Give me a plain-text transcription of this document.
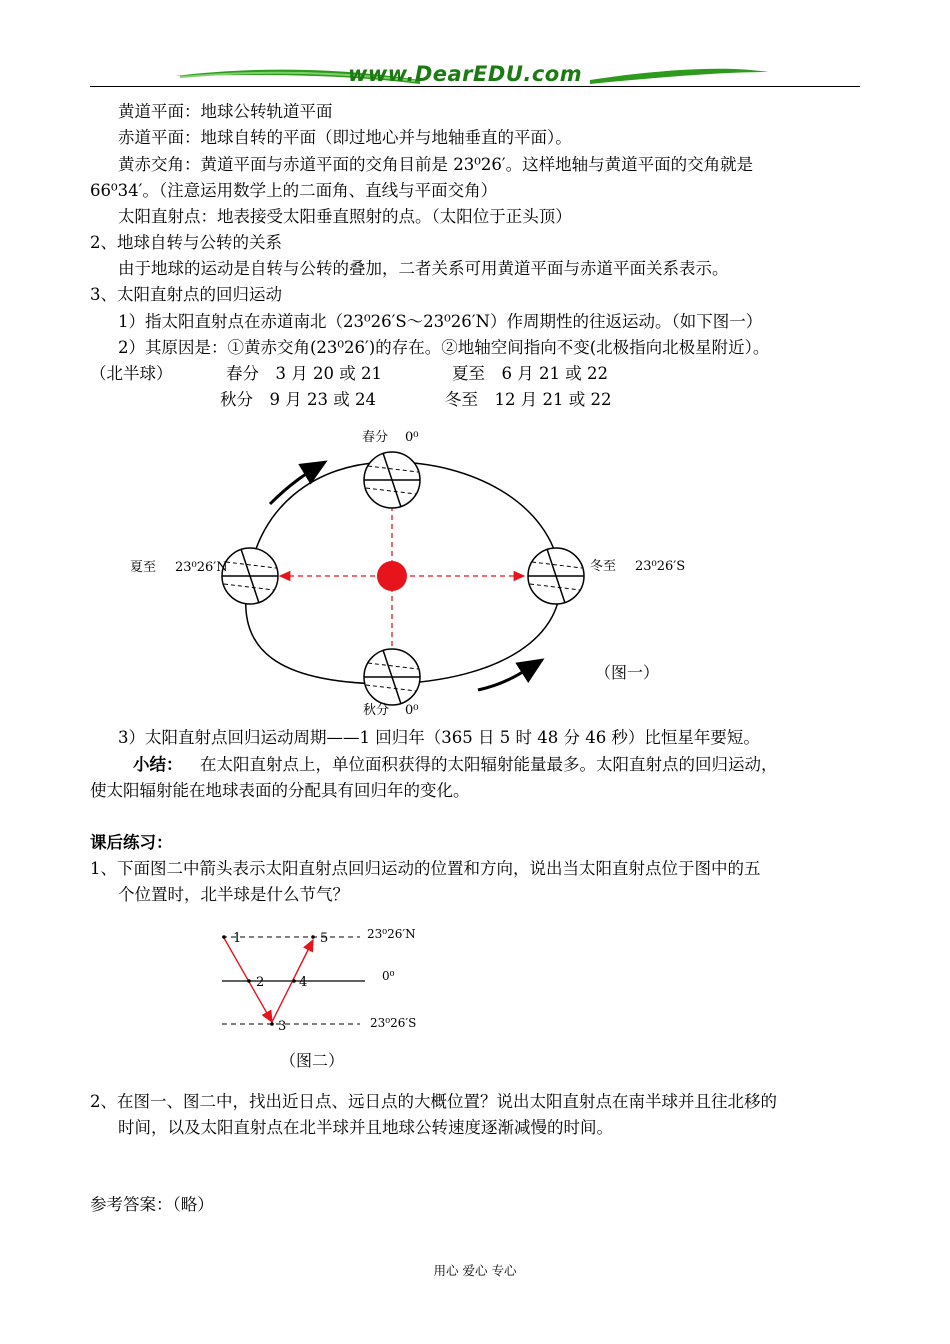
www.DearEDU.com
黄道平面：地球公转轨道平面
赤道平面：地球自转的平面（即过地心并与地轴垂直的平面）。
黄赤交角：黄道平面与赤道平面的交角目前是 23⁰26′。这样地轴与黄道平面的交角就是
66⁰34′。（注意运用数学上的二面角、直线与平面交角）
太阳直射点：地表接受太阳垂直照射的点。（太阳位于正头顶）
2、地球自转与公转的关系
由于地球的运动是自转与公转的叠加，二者关系可用黄道平面与赤道平面关系表示。
3、太阳直射点的回归运动
1）指太阳直射点在赤道南北（23⁰26′S～23⁰26′N）作周期性的往返运动。（如下图一）
2）其原因是：①黄赤交角(23⁰26′)的存在。②地轴空间指向不变(北极指向北极星附近）。
（北半球）	春分　3 月 20 或 21	夏至　6 月 21 或 22
秋分　9 月 23 或 24	冬至　12 月 21 或 22
春分 0⁰
秋分 0⁰
夏至 23⁰26′N	冬至 23⁰26′S
（图一）
3）太阳直射点回归运动周期——1 回归年（365 日 5 时 48 分 46 秒）比恒星年要短。
小结： 在太阳直射点上，单位面积获得的太阳辐射能量最多。太阳直射点的回归运动，
使太阳辐射能在地球表面的分配具有回归年的变化。
课后练习：
1、下面图二中箭头表示太阳直射点回归运动的位置和方向，说出当太阳直射点位于图中的五
个位置时，北半球是什么节气？
1
2
3
4
5	23⁰26′N
0⁰
23⁰26′S
（图二）
2、在图一、图二中，找出近日点、远日点的大概位置？说出太阳直射点在南半球并且往北移的
时间，以及太阳直射点在北半球并且地球公转速度逐渐减慢的时间。
参考答案：（略）
用心 爱心 专心
